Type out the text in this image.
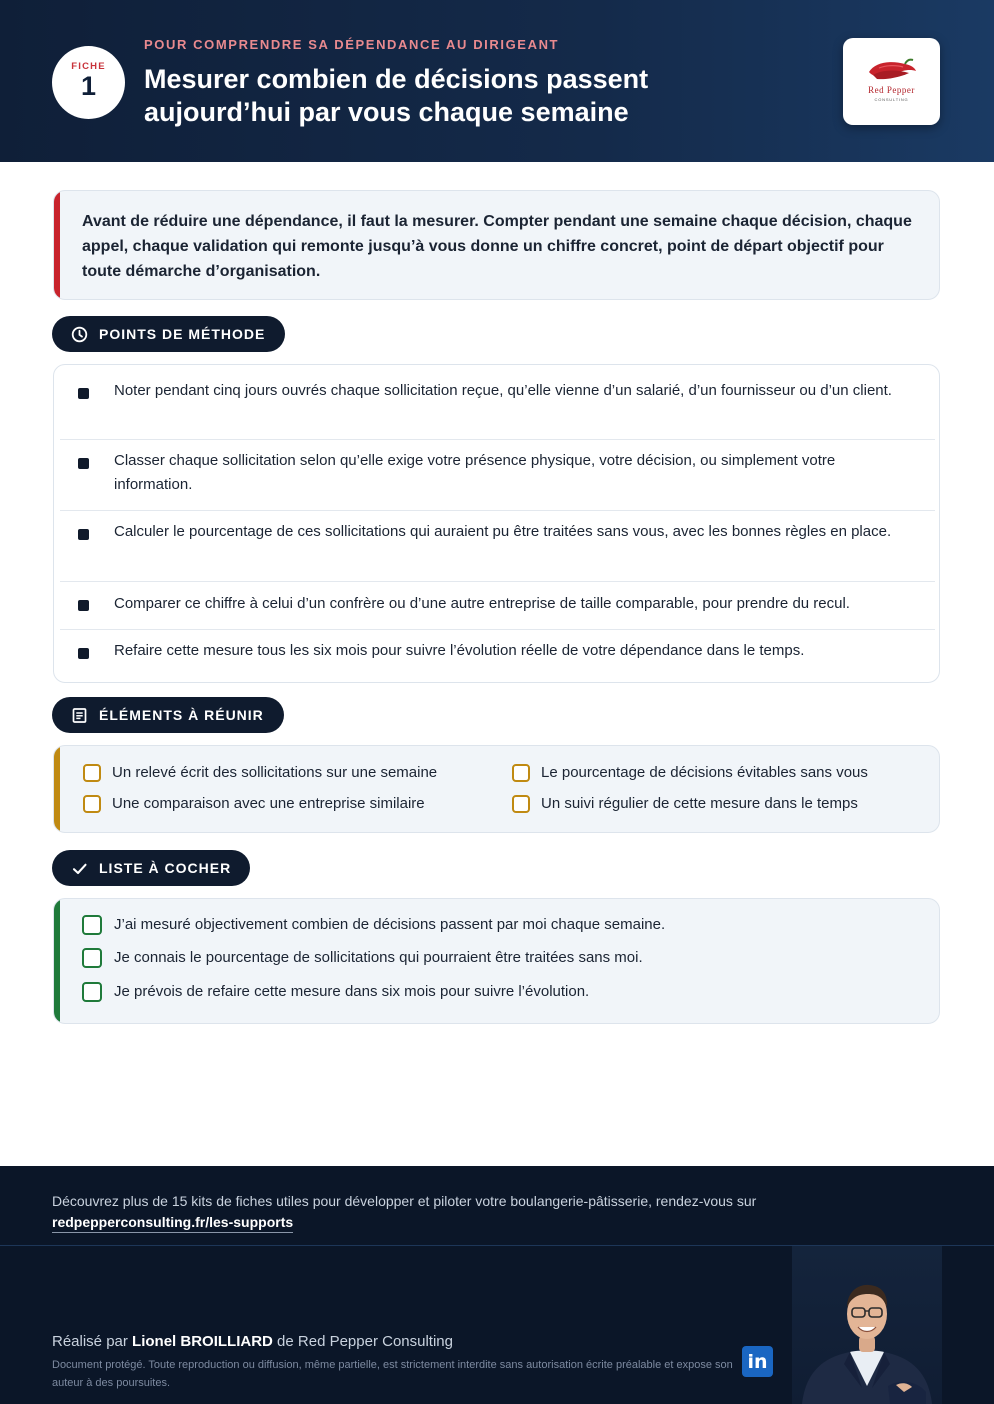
FICHE
1
POUR COMPRENDRE SA DÉPENDANCE AU DIRIGEANT
Mesurer combien de décisions passent aujourd’hui par vous chaque semaine
Red Pepper
CONSULTING

Avant de réduire une dépendance, il faut la mesurer. Compter pendant une semaine chaque décision, chaque appel, chaque validation qui remonte jusqu’à vous donne un chiffre concret, point de départ objectif pour toute démarche d’organisation.

POINTS DE MÉTHODE
Noter pendant cinq jours ouvrés chaque sollicitation reçue, qu’elle vienne d’un salarié, d’un fournisseur ou d’un client.
Classer chaque sollicitation selon qu’elle exige votre présence physique, votre décision, ou simplement votre information.
Calculer le pourcentage de ces sollicitations qui auraient pu être traitées sans vous, avec les bonnes règles en place.
Comparer ce chiffre à celui d’un confrère ou d’une autre entreprise de taille comparable, pour prendre du recul.
Refaire cette mesure tous les six mois pour suivre l’évolution réelle de votre dépendance dans le temps.
ÉLÉMENTS À RÉUNIR
Un relevé écrit des sollicitations sur une semaine	Le pourcentage de décisions évitables sans vous
Une comparaison avec une entreprise similaire	Un suivi régulier de cette mesure dans le temps
LISTE À COCHER
J’ai mesuré objectivement combien de décisions passent par moi chaque semaine.
Je connais le pourcentage de sollicitations qui pourraient être traitées sans moi.
Je prévois de refaire cette mesure dans six mois pour suivre l’évolution.
Découvrez plus de 15 kits de fiches utiles pour développer et piloter votre boulangerie-pâtisserie, rendez-vous sur
redpepperconsulting.fr/les-supports
Réalisé par Lionel BROILLIARD de Red Pepper Consulting
Document protégé. Toute reproduction ou diffusion, même partielle, est strictement interdite sans autorisation écrite préalable et expose son auteur à des poursuites.
in
